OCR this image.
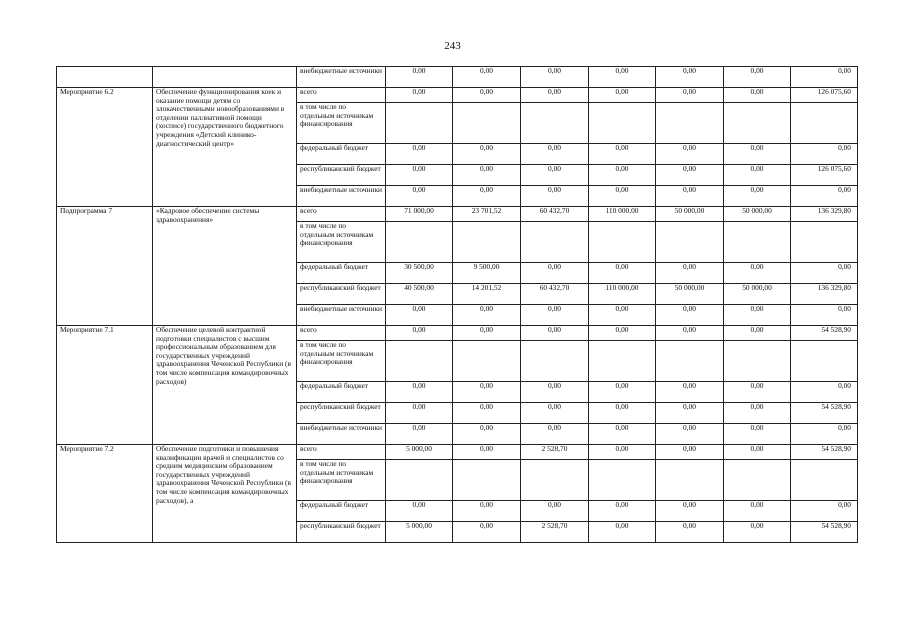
243
		внебюджетные источники	0,00	0,00	0,00	0,00	0,00	0,00	0,00
Мероприятие 6.2	Обеспечение функционирования коек и оказание помощи детям со злокачественными новообразованиями в отделении паллиативной помощи (хосписе) государственного бюджетного учреждения «Детский клинико-диагностический центр»	всего	0,00	0,00	0,00	0,00	0,00	0,00	126 075,60
		в том числе по отдельным источникам финансирования							
		федеральный бюджет	0,00	0,00	0,00	0,00	0,00	0,00	0,00
		республиканский бюджет	0,00	0,00	0,00	0,00	0,00	0,00	126 075,60
		внебюджетные источники	0,00	0,00	0,00	0,00	0,00	0,00	0,00
Подпрограмма 7	«Кадровое обеспечение системы здравоохранения»	всего	71 000,00	23 701,52	60 432,70	110 000,00	50 000,00	50 000,00	136 329,80
		в том числе по отдельным источникам финансирования							
		федеральный бюджет	30 500,00	9 500,00	0,00	0,00	0,00	0,00	0,00
		республиканский бюджет	40 500,00	14 201,52	60 432,70	110 000,00	50 000,00	50 000,00	136 329,80
		внебюджетные источники	0,00	0,00	0,00	0,00	0,00	0,00	0,00
Мероприятие 7.1	Обеспечение целевой контрактной подготовки специалистов с высшим профессиональным образованием для государственных учреждений здравоохранения Чеченской Республики (в том числе компенсация командировочных расходов)	всего	0,00	0,00	0,00	0,00	0,00	0,00	54 528,90
		в том числе по отдельным источникам финансирования							
		федеральный бюджет	0,00	0,00	0,00	0,00	0,00	0,00	0,00
		республиканский бюджет	0,00	0,00	0,00	0,00	0,00	0,00	54 528,90
		внебюджетные источники	0,00	0,00	0,00	0,00	0,00	0,00	0,00
Мероприятие 7.2	Обеспечение подготовки и повышения квалификации врачей и специалистов со средним медицинским образованием государственных учреждений здравоохранения Чеченской Республики (в том числе компенсация командировочных расходов), а	всего	5 000,00	0,00	2 528,70	0,00	0,00	0,00	54 528,90
		в том числе по отдельным источникам финансирования							
		федеральный бюджет	0,00	0,00	0,00	0,00	0,00	0,00	0,00
		республиканский бюджет	5 000,00	0,00	2 528,70	0,00	0,00	0,00	54 528,90
